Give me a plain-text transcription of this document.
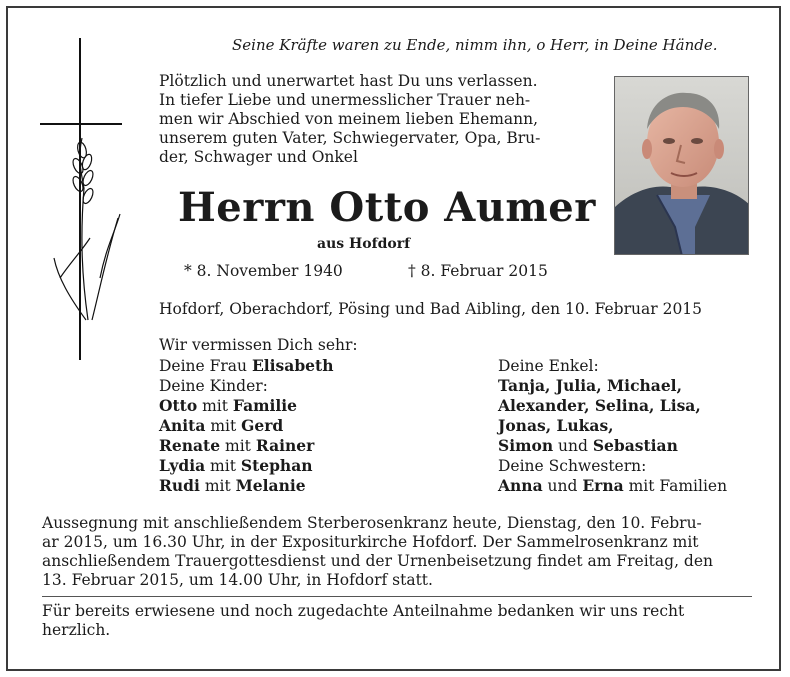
Seine Kräfte waren zu Ende, nimm ihn, o Herr, in Deine Hände.
Plötzlich und unerwartet hast Du uns verlassen.
In tiefer Liebe und unermesslicher Trauer neh-
men wir Abschied von meinem lieben Ehemann,
unserem guten Vater, Schwiegervater, Opa, Bru-
der, Schwager und Onkel
Herrn Otto Aumer
aus Hofdorf
* 8. November 1940	† 8. Februar 2015
Hofdorf, Oberachdorf, Pösing und Bad Aibling, den 10. Februar 2015
Wir vermissen Dich sehr:
Deine Frau Elisabeth
Deine Kinder:
Otto mit Familie
Anita mit Gerd
Renate mit Rainer
Lydia mit Stephan
Rudi mit Melanie
Deine Enkel:
Tanja, Julia, Michael,
Alexander, Selina, Lisa,
Jonas, Lukas,
Simon und Sebastian
Deine Schwestern:
Anna und Erna mit Familien
Aussegnung mit anschließendem Sterberosenkranz heute, Dienstag, den 10. Febru-
ar 2015, um 16.30 Uhr, in der Expositurkirche Hofdorf. Der Sammelrosenkranz mit
anschließendem Trauergottesdienst und der Urnenbeisetzung findet am Freitag, den
13. Februar 2015, um 14.00 Uhr, in Hofdorf statt.
Für bereits erwiesene und noch zugedachte Anteilnahme bedanken wir uns recht
herzlich.
